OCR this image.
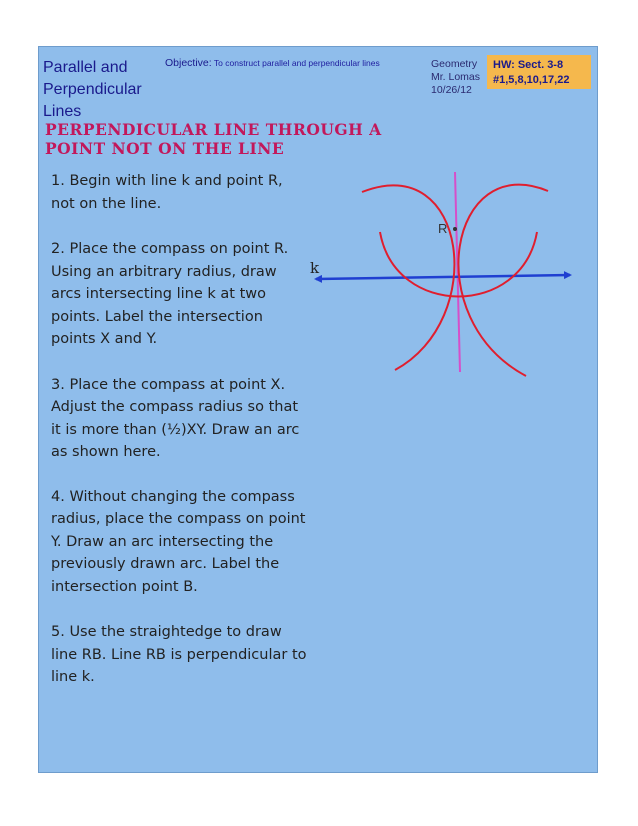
Parallel and Perpendicular Lines
Objective: To construct parallel and perpendicular lines	Geometry
Mr. Lomas
10/26/12
HW: Sect. 3-8
#1,5,8,10,17,22
PERPENDICULAR LINE THROUGH A POINT NOT ON THE LINE
1. Begin with line k and point R, not on the line.
2. Place the compass on point R. Using an arbitrary radius, draw arcs intersecting line k at two points. Label the intersection points X and Y.
3. Place the compass at point X. Adjust the compass radius so that it is more than (½)XY. Draw an arc as shown here.
4. Without changing the compass radius, place the compass on point Y. Draw an arc intersecting the previously drawn arc. Label the intersection point B.
5. Use the straightedge to draw line RB. Line RB is perpendicular to line k.
R
k
